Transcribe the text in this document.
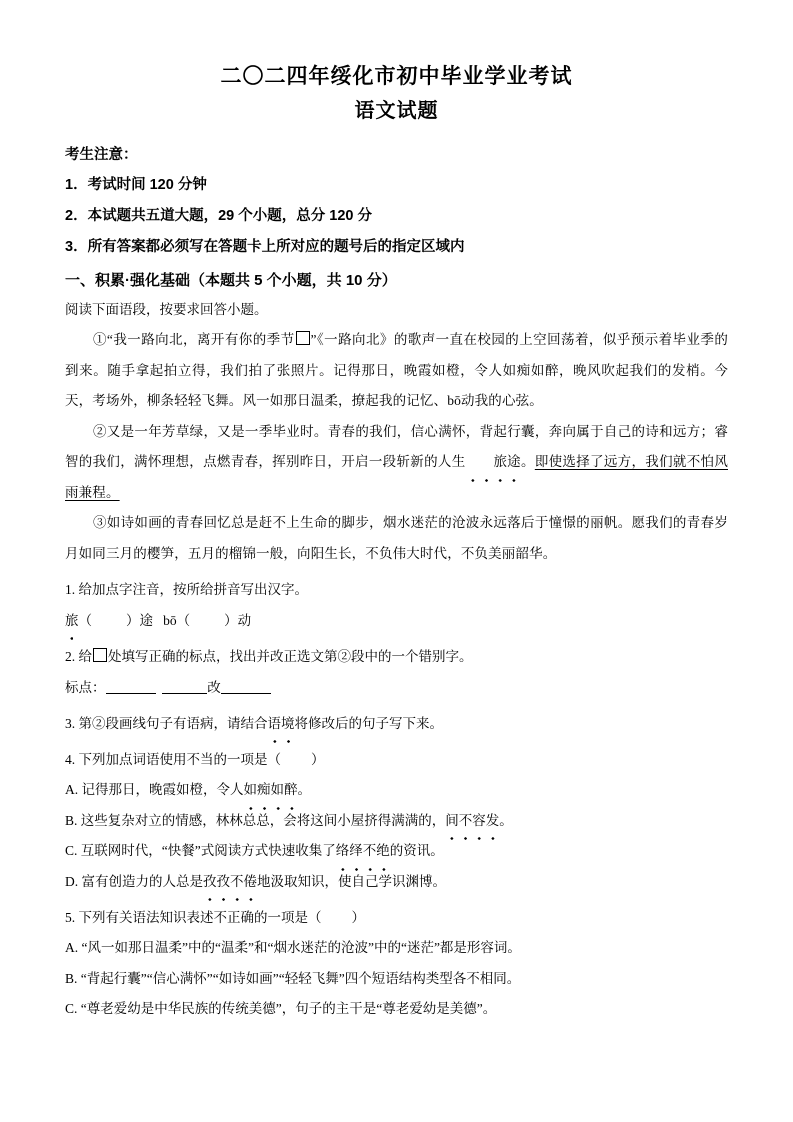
二〇二四年绥化市初中毕业学业考试
语文试题

考生注意：

1．考试时间 120 分钟

2．本试题共五道大题，29 个小题，总分 120 分

3．所有答案都必须写在答题卡上所对应的题号后的指定区域内

一、积累·强化基础（本题共 5 个小题，共 10 分）

阅读下面语段，按要求回答小题。

①“我一路向北，离开有你的季节 ”《一路向北》的歌声一直在校园的上空回荡着，似乎预示着毕业季的到来。随手拿起拍立得，我们拍了张照片。记得那日，晚霞如橙，令人如痴如醉，晚风吹起我们的发梢。今天，考场外，柳条轻轻飞舞。风一如那日温柔，撩起我的记忆、bō动我的心弦。

②又是一年芳草绿，又是一季毕业时。青春的我们，信心满怀，背起行囊，奔向属于自己的诗和远方；睿智的我们，满怀理想，点燃青春，挥别昨日，开启一段斩新的人生 旅途。即使选择了远方，我们就不怕风雨兼程。

③如诗如画的青春回忆总是赶不上生命的脚步，烟水迷茫的沧波永远落后于憧憬的丽帆。愿我们的青春岁月如同三月的樱笋，五月的榴锦一般，向阳生长，不负伟大时代，不负美丽韶华。

1. 给加点字注音，按所给拼音写出汉字。

旅（	）途 bō（	）动

2. 给 处填写正确的标点，找出并改正选文第②段中的一个错别字。

标点：	改

3. 第②段画线句子有语病，请结合语境将修改后的句子写下来。

4. 下列加点词语使用不当的一项是（ ）

A. 记得那日，晚霞如橙，令人如痴如醉。

B. 这些复杂对立的情感，林林总总，会将这间小屋挤得满满的，间不容发。

C. 互联网时代，“快餐”式阅读方式快速收集了络绎不绝的资讯。

D. 富有创造力的人总是孜孜不倦地汲取知识，使自己学识渊博。

5. 下列有关语法知识表述不正确的一项是（ ）

A. “风一如那日温柔”中的“温柔”和“烟水迷茫的沧波”中的“迷茫”都是形容词。

B. “背起行囊”“信心满怀”“如诗如画”“轻轻飞舞”四个短语结构类型各不相同。

C. “尊老爱幼是中华民族的传统美德”，句子的主干是“尊老爱幼是美德”。
